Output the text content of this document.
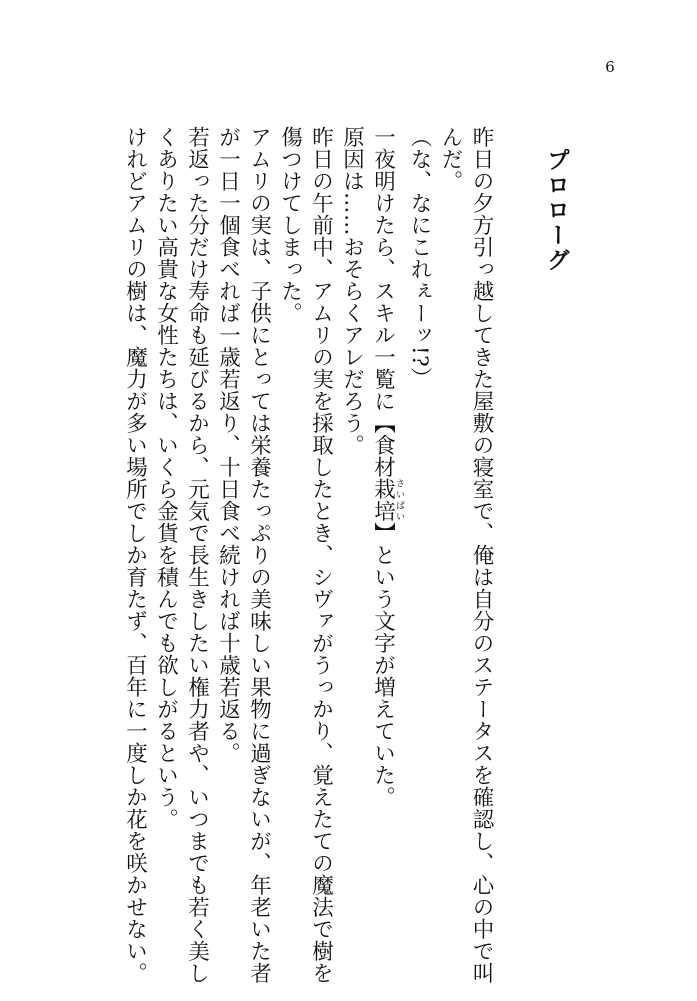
6
プロローグ

昨日の夕方引っ越してきた屋敷の寝室で、俺は自分のステータスを確認し、心の中で叫

んだ。

（な、なにこれぇーッ!?）

一夜明けたら、スキル一覧に【食材栽培さいばい】という文字が増えていた。

原因は……おそらくアレだろう。

昨日の午前中、アムリの実を採取したとき、シヴァがうっかり、覚えたての魔法で樹を

傷つけてしまった。

アムリの実は、子供にとっては栄養たっぷりの美味しい果物に過ぎないが、年老いた者

が一日一個食べれば一歳若返り、十日食べ続ければ十歳若返る。

若返った分だけ寿命も延びるから、元気で長生きしたい権力者や、いつまでも若く美し

くありたい高貴な女性たちは、いくら金貨を積んでも欲しがるという。

けれどアムリの樹は、魔力が多い場所でしか育たず、百年に一度しか花を咲かせない。
